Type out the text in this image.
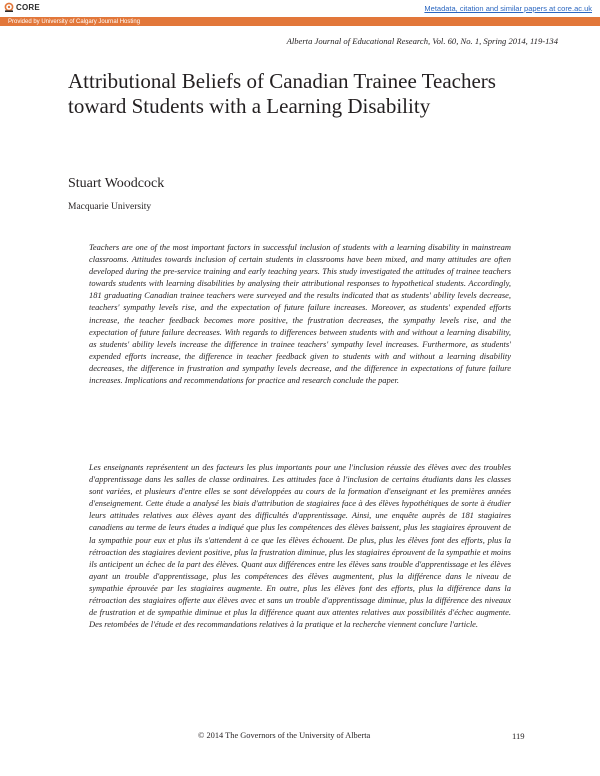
CORE	Metadata, citation and similar papers at core.ac.uk
Provided by University of Calgary Journal Hosting
Alberta Journal of Educational Research, Vol. 60, No. 1, Spring 2014, 119-134
Attributional Beliefs of Canadian Trainee Teachers toward Students with a Learning Disability
Stuart Woodcock
Macquarie University

Teachers are one of the most important factors in successful inclusion of students with a learning disability in mainstream classrooms. Attitudes towards inclusion of certain students in classrooms have been mixed, and many attitudes are often developed during the pre-service training and early teaching years. This study investigated the attitudes of trainee teachers towards students with learning disabilities by analysing their attributional responses to hypothetical students. Accordingly, 181 graduating Canadian trainee teachers were surveyed and the results indicated that as students' ability levels decrease, teachers' sympathy levels rise, and the expectation of future failure increases. Moreover, as students' expended efforts increase, the teacher feedback becomes more positive, the frustration decreases, the sympathy levels rise, and the expectation of future failure decreases. With regards to differences between students with and without a learning disability, as students' ability levels increase the difference in trainee teachers' sympathy level increases. Furthermore, as students' expended efforts increase, the difference in teacher feedback given to students with and without a learning disability decreases, the difference in frustration and sympathy levels decrease, and the difference in expectations of future failure increases. Implications and recommendations for practice and research conclude the paper.

Les enseignants représentent un des facteurs les plus importants pour une l'inclusion réussie des élèves avec des troubles d'apprentissage dans les salles de classe ordinaires. Les attitudes face à l'inclusion de certains étudiants dans les classes sont variées, et plusieurs d'entre elles se sont développées au cours de la formation d'enseignant et les premières années d'enseignement. Cette étude a analysé les biais d'attribution de stagiaires face à des élèves hypothétiques de sorte à étudier leurs attitudes relatives aux élèves ayant des difficultés d'apprentissage. Ainsi, une enquête auprès de 181 stagiaires canadiens au terme de leurs études a indiqué que plus les compétences des élèves baissent, plus les stagiaires éprouvent de la sympathie pour eux et plus ils s'attendent à ce que les élèves échouent. De plus, plus les élèves font des efforts, plus la rétroaction des stagiaires devient positive, plus la frustration diminue, plus les stagiaires éprouvent de la sympathie et moins ils anticipent un échec de la part des élèves. Quant aux différences entre les élèves sans trouble d'apprentissage et les élèves ayant un trouble d'apprentissage, plus les compétences des élèves augmentent, plus la différence dans le niveau de sympathie éprouvée par les stagiaires augmente. En outre, plus les élèves font des efforts, plus la différence dans la rétroaction des stagiaires offerte aux élèves avec et sans un trouble d'apprentissage diminue, plus la différence des niveaux de frustration et de sympathie diminue et plus la différence quant aux attentes relatives aux possibilités d'échec augmente. Des retombées de l'étude et des recommandations relatives à la pratique et la recherche viennent conclure l'article.

© 2014 The Governors of the University of Alberta	119
